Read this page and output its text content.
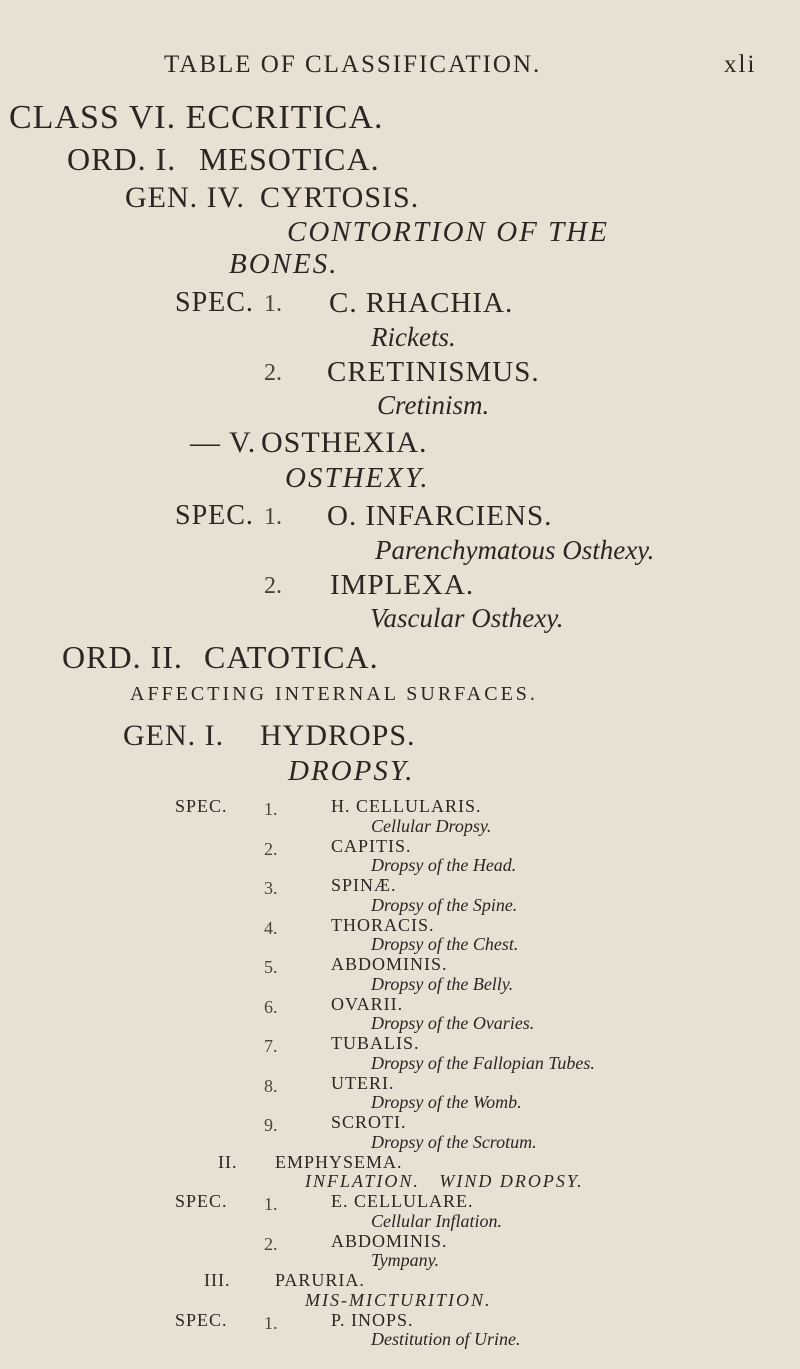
TABLE OF CLASSIFICATION.	xli
CLASS VI. ECCRITICA.
ORD. I. MESOTICA.
GEN. IV. CYRTOSIS.
CONTORTION OF THE
BONES.
SPEC. 1. C. RHACHIA.
Rickets.
2. CRETINISMUS.
Cretinism.
— V. OSTHEXIA.
OSTHEXY.
SPEC. 1. O. INFARCIENS.
Parenchymatous Osthexy.
2. IMPLEXA.
Vascular Osthexy.
ORD. II. CATOTICA.
AFFECTING INTERNAL SURFACES.
GEN. I. HYDROPS.
DROPSY.
SPEC. 1.	H. CELLULARIS.
Cellular Dropsy.
2.	CAPITIS.
Dropsy of the Head.
3.	SPINÆ.
Dropsy of the Spine.
4.	THORACIS.
Dropsy of the Chest.
5.	ABDOMINIS.
Dropsy of the Belly.
6.	OVARII.
Dropsy of the Ovaries.
7.	TUBALIS.
Dropsy of the Fallopian Tubes.
8.	UTERI.
Dropsy of the Womb.
9.	SCROTI.
Dropsy of the Scrotum.
II. EMPHYSEMA.
INFLATION.   WIND DROPSY.
SPEC. 1.	E. CELLULARE.
Cellular Inflation.
2.	ABDOMINIS.
Tympany.
III. PARURIA.
MIS-MICTURITION.
SPEC. 1.	P. INOPS.
Destitution of Urine.
